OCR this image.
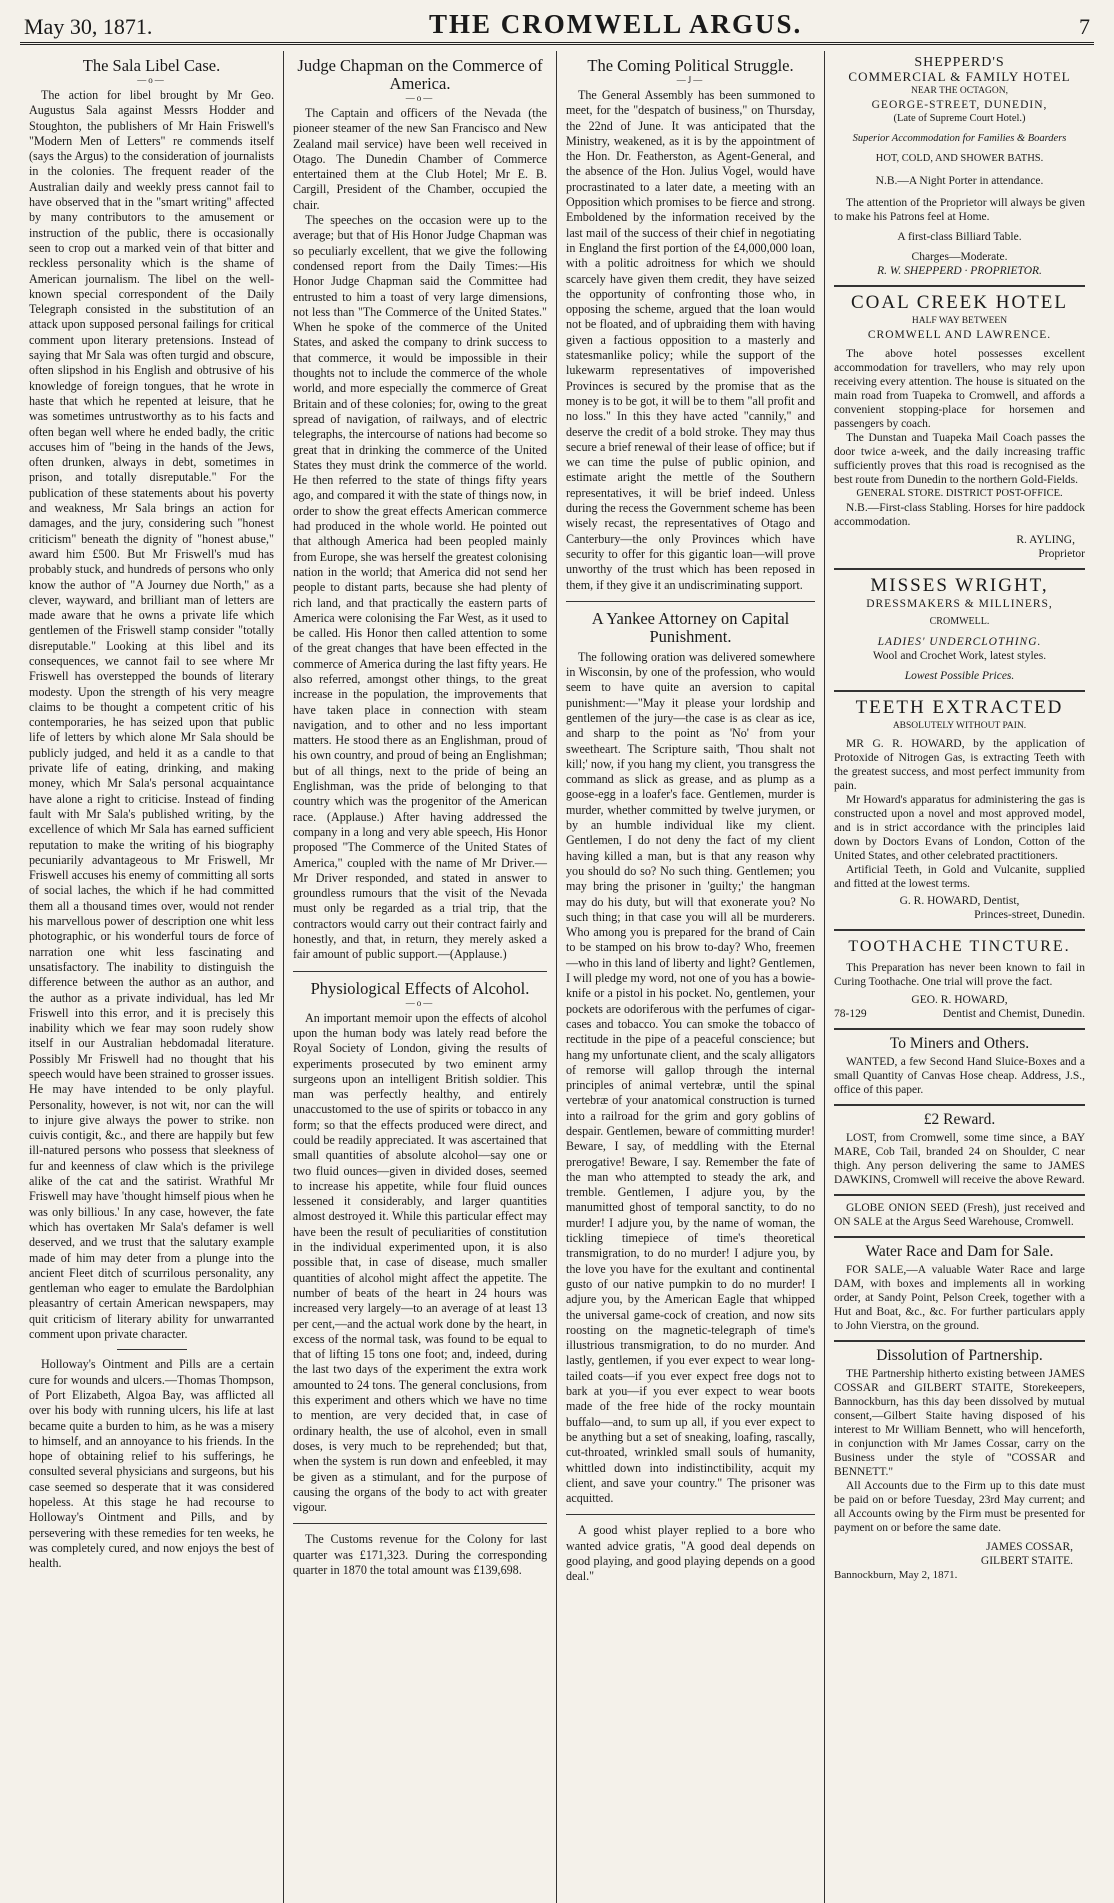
May 30, 1871.	THE CROMWELL ARGUS.	7
The Sala Libel Case.
—o—

The action for libel brought by Mr Geo. Augustus Sala against Messrs Hodder and Stoughton, the publishers of Mr Hain Friswell's "Modern Men of Letters" re commends itself (says the Argus) to the consideration of journalists in the colonies. The frequent reader of the Australian daily and weekly press cannot fail to have observed that in the "smart writing" affected by many contributors to the amusement or instruction of the public, there is occasionally seen to crop out a marked vein of that bitter and reckless personality which is the shame of American journalism. The libel on the well-known special correspondent of the Daily Telegraph consisted in the substitution of an attack upon supposed personal failings for critical comment upon literary pretensions. Instead of saying that Mr Sala was often turgid and obscure, often slipshod in his English and obtrusive of his knowledge of foreign tongues, that he wrote in haste that which he repented at leisure, that he was sometimes untrustworthy as to his facts and often began well where he ended badly, the critic accuses him of "being in the hands of the Jews, often drunken, always in debt, sometimes in prison, and totally disreputable." For the publication of these statements about his poverty and weakness, Mr Sala brings an action for damages, and the jury, considering such "honest criticism" beneath the dignity of "honest abuse," award him £500. But Mr Friswell's mud has probably stuck, and hundreds of persons who only know the author of "A Journey due North," as a clever, wayward, and brilliant man of letters are made aware that he owns a private life which gentlemen of the Friswell stamp consider "totally disreputable." Looking at this libel and its consequences, we cannot fail to see where Mr Friswell has overstepped the bounds of literary modesty. Upon the strength of his very meagre claims to be thought a competent critic of his contemporaries, he has seized upon that public life of letters by which alone Mr Sala should be publicly judged, and held it as a candle to that private life of eating, drinking, and making money, which Mr Sala's personal acquaintance have alone a right to criticise. Instead of finding fault with Mr Sala's published writing, by the excellence of which Mr Sala has earned sufficient reputation to make the writing of his biography pecuniarily advantageous to Mr Friswell, Mr Friswell accuses his enemy of committing all sorts of social laches, the which if he had committed them all a thousand times over, would not render his marvellous power of description one whit less photographic, or his wonderful tours de force of narration one whit less fascinating and unsatisfactory. The inability to distinguish the difference between the author as an author, and the author as a private individual, has led Mr Friswell into this error, and it is precisely this inability which we fear may soon rudely show itself in our Australian hebdomadal literature. Possibly Mr Friswell had no thought that his speech would have been strained to grosser issues. He may have intended to be only playful. Personality, however, is not wit, nor can the will to injure give always the power to strike. non cuivis contigit, &c., and there are happily but few ill-natured persons who possess that sleekness of fur and keenness of claw which is the privilege alike of the cat and the satirist. Wrathful Mr Friswell may have 'thought himself pious when he was only billious.' In any case, however, the fate which has overtaken Mr Sala's defamer is well deserved, and we trust that the salutary example made of him may deter from a plunge into the ancient Fleet ditch of scurrilous personality, any gentleman who eager to emulate the Bardolphian pleasantry of certain American newspapers, may quit criticism of literary ability for unwarranted comment upon private character.

Holloway's Ointment and Pills are a certain cure for wounds and ulcers.—Thomas Thompson, of Port Elizabeth, Algoa Bay, was afflicted all over his body with running ulcers, his life at last became quite a burden to him, as he was a misery to himself, and an annoyance to his friends. In the hope of obtaining relief to his sufferings, he consulted several physicians and surgeons, but his case seemed so desperate that it was considered hopeless. At this stage he had recourse to Holloway's Ointment and Pills, and by persevering with these remedies for ten weeks, he was completely cured, and now enjoys the best of health.

Judge Chapman on the Commerce of America.
—o—

The Captain and officers of the Nevada (the pioneer steamer of the new San Francisco and New Zealand mail service) have been well received in Otago. The Dunedin Chamber of Commerce entertained them at the Club Hotel; Mr E. B. Cargill, President of the Chamber, occupied the chair.

The speeches on the occasion were up to the average; but that of His Honor Judge Chapman was so peculiarly excellent, that we give the following condensed report from the Daily Times:—His Honor Judge Chapman said the Committee had entrusted to him a toast of very large dimensions, not less than "The Commerce of the United States." When he spoke of the commerce of the United States, and asked the company to drink success to that commerce, it would be impossible in their thoughts not to include the commerce of the whole world, and more especially the commerce of Great Britain and of these colonies; for, owing to the great spread of navigation, of railways, and of electric telegraphs, the intercourse of nations had become so great that in drinking the commerce of the United States they must drink the commerce of the world. He then referred to the state of things fifty years ago, and compared it with the state of things now, in order to show the great effects American commerce had produced in the whole world. He pointed out that although America had been peopled mainly from Europe, she was herself the greatest colonising nation in the world; that America did not send her people to distant parts, because she had plenty of rich land, and that practically the eastern parts of America were colonising the Far West, as it used to be called. His Honor then called attention to some of the great changes that have been effected in the commerce of America during the last fifty years. He also referred, amongst other things, to the great increase in the population, the improvements that have taken place in connection with steam navigation, and to other and no less important matters. He stood there as an Englishman, proud of his own country, and proud of being an Englishman; but of all things, next to the pride of being an Englishman, was the pride of belonging to that country which was the progenitor of the American race. (Applause.) After having addressed the company in a long and very able speech, His Honor proposed "The Commerce of the United States of America," coupled with the name of Mr Driver.—Mr Driver responded, and stated in answer to groundless rumours that the visit of the Nevada must only be regarded as a trial trip, that the contractors would carry out their contract fairly and honestly, and that, in return, they merely asked a fair amount of public support.—(Applause.)

Physiological Effects of Alcohol.
—o—

An important memoir upon the effects of alcohol upon the human body was lately read before the Royal Society of London, giving the results of experiments prosecuted by two eminent army surgeons upon an intelligent British soldier. This man was perfectly healthy, and entirely unaccustomed to the use of spirits or tobacco in any form; so that the effects produced were direct, and could be readily appreciated. It was ascertained that small quantities of absolute alcohol—say one or two fluid ounces—given in divided doses, seemed to increase his appetite, while four fluid ounces lessened it considerably, and larger quantities almost destroyed it. While this particular effect may have been the result of peculiarities of constitution in the individual experimented upon, it is also possible that, in case of disease, much smaller quantities of alcohol might affect the appetite. The number of beats of the heart in 24 hours was increased very largely—to an average of at least 13 per cent,—and the actual work done by the heart, in excess of the normal task, was found to be equal to that of lifting 15 tons one foot; and, indeed, during the last two days of the experiment the extra work amounted to 24 tons. The general conclusions, from this experiment and others which we have no time to mention, are very decided that, in case of ordinary health, the use of alcohol, even in small doses, is very much to be reprehended; but that, when the system is run down and enfeebled, it may be given as a stimulant, and for the purpose of causing the organs of the body to act with greater vigour.

The Customs revenue for the Colony for last quarter was £171,323. During the corresponding quarter in 1870 the total amount was £139,698.

The Coming Political Struggle.
—J—

The General Assembly has been summoned to meet, for the "despatch of business," on Thursday, the 22nd of June. It was anticipated that the Ministry, weakened, as it is by the appointment of the Hon. Dr. Featherston, as Agent-General, and the absence of the Hon. Julius Vogel, would have procrastinated to a later date, a meeting with an Opposition which promises to be fierce and strong. Emboldened by the information received by the last mail of the success of their chief in negotiating in England the first portion of the £4,000,000 loan, with a politic adroitness for which we should scarcely have given them credit, they have seized the opportunity of confronting those who, in opposing the scheme, argued that the loan would not be floated, and of upbraiding them with having given a factious opposition to a masterly and statesmanlike policy; while the support of the lukewarm representatives of impoverished Provinces is secured by the promise that as the money is to be got, it will be to them "all profit and no loss." In this they have acted "cannily," and deserve the credit of a bold stroke. They may thus secure a brief renewal of their lease of office; but if we can time the pulse of public opinion, and estimate aright the mettle of the Southern representatives, it will be brief indeed. Unless during the recess the Government scheme has been wisely recast, the representatives of Otago and Canterbury—the only Provinces which have security to offer for this gigantic loan—will prove unworthy of the trust which has been reposed in them, if they give it an undiscriminating support.

A Yankee Attorney on Capital Punishment.

The following oration was delivered somewhere in Wisconsin, by one of the profession, who would seem to have quite an aversion to capital punishment:—"May it please your lordship and gentlemen of the jury—the case is as clear as ice, and sharp to the point as 'No' from your sweetheart. The Scripture saith, 'Thou shalt not kill;' now, if you hang my client, you transgress the command as slick as grease, and as plump as a goose-egg in a loafer's face. Gentlemen, murder is murder, whether committed by twelve jurymen, or by an humble individual like my client. Gentlemen, I do not deny the fact of my client having killed a man, but is that any reason why you should do so? No such thing. Gentlemen; you may bring the prisoner in 'guilty;' the hangman may do his duty, but will that exonerate you? No such thing; in that case you will all be murderers. Who among you is prepared for the brand of Cain to be stamped on his brow to-day? Who, freemen—who in this land of liberty and light? Gentlemen, I will pledge my word, not one of you has a bowie-knife or a pistol in his pocket. No, gentlemen, your pockets are odoriferous with the perfumes of cigar-cases and tobacco. You can smoke the tobacco of rectitude in the pipe of a peaceful conscience; but hang my unfortunate client, and the scaly alligators of remorse will gallop through the internal principles of animal vertebræ, until the spinal vertebræ of your anatomical construction is turned into a railroad for the grim and gory goblins of despair. Gentlemen, beware of committing murder! Beware, I say, of meddling with the Eternal prerogative! Beware, I say. Remember the fate of the man who attempted to steady the ark, and tremble. Gentlemen, I adjure you, by the manumitted ghost of temporal sanctity, to do no murder! I adjure you, by the name of woman, the tickling timepiece of time's theoretical transmigration, to do no murder! I adjure you, by the love you have for the exultant and continental gusto of our native pumpkin to do no murder! I adjure you, by the American Eagle that whipped the universal game-cock of creation, and now sits roosting on the magnetic-telegraph of time's illustrious transmigration, to do no murder. And lastly, gentlemen, if you ever expect to wear long-tailed coats—if you ever expect free dogs not to bark at you—if you ever expect to wear boots made of the free hide of the rocky mountain buffalo—and, to sum up all, if you ever expect to be anything but a set of sneaking, loafing, rascally, cut-throated, wrinkled small souls of humanity, whittled down into indistinctibility, acquit my client, and save your country." The prisoner was acquitted.

A good whist player replied to a bore who wanted advice gratis, "A good deal depends on good playing, and good playing depends on a good deal."

SHEPPERD'S
COMMERCIAL & FAMILY HOTEL
NEAR THE OCTAGON,
GEORGE-STREET, DUNEDIN,
(Late of Supreme Court Hotel.)
Superior Accommodation for Families & Boarders
HOT, COLD, AND SHOWER BATHS.
N.B.—A Night Porter in attendance.

The attention of the Proprietor will always be given to make his Patrons feel at Home.

A first-class Billiard Table.
Charges—Moderate.
R. W. SHEPPERD · PROPRIETOR.
COAL CREEK HOTEL
HALF WAY BETWEEN
CROMWELL AND LAWRENCE.

The above hotel possesses excellent accommodation for travellers, who may rely upon receiving every attention. The house is situated on the main road from Tuapeka to Cromwell, and affords a convenient stopping-place for horsemen and passengers by coach.

The Dunstan and Tuapeka Mail Coach passes the door twice a-week, and the daily increasing traffic sufficiently proves that this road is recognised as the best route from Dunedin to the northern Gold-Fields.

GENERAL STORE. DISTRICT POST-OFFICE.

N.B.—First-class Stabling. Horses for hire paddock accommodation.

R. AYLING,
Proprietor
MISSES WRIGHT,
DRESSMAKERS & MILLINERS,
CROMWELL.
LADIES' UNDERCLOTHING.
Wool and Crochet Work, latest styles.
Lowest Possible Prices.
TEETH EXTRACTED
ABSOLUTELY WITHOUT PAIN.

MR G. R. HOWARD, by the application of Protoxide of Nitrogen Gas, is extracting Teeth with the greatest success, and most perfect immunity from pain.

Mr Howard's apparatus for administering the gas is constructed upon a novel and most approved model, and is in strict accordance with the principles laid down by Doctors Evans of London, Cotton of the United States, and other celebrated practitioners.

Artificial Teeth, in Gold and Vulcanite, supplied and fitted at the lowest terms.

G. R. HOWARD, Dentist,
Princes-street, Dunedin.
TOOTHACHE TINCTURE.

This Preparation has never been known to fail in Curing Toothache. One trial will prove the fact.

GEO. R. HOWARD,
78-129	Dentist and Chemist, Dunedin.
To Miners and Others.

WANTED, a few Second Hand Sluice-Boxes and a small Quantity of Canvas Hose cheap. Address, J.S., office of this paper.

£2 Reward.

LOST, from Cromwell, some time since, a BAY MARE, Cob Tail, branded 24 on Shoulder, C near thigh. Any person delivering the same to JAMES DAWKINS, Cromwell will receive the above Reward.

GLOBE ONION SEED (Fresh), just received and ON SALE at the Argus Seed Warehouse, Cromwell.

Water Race and Dam for Sale.

FOR SALE,—A valuable Water Race and large DAM, with boxes and implements all in working order, at Sandy Point, Pelson Creek, together with a Hut and Boat, &c., &c. For further particulars apply to John Vierstra, on the ground.

Dissolution of Partnership.

THE Partnership hitherto existing between JAMES COSSAR and GILBERT STAITE, Storekeepers, Bannockburn, has this day been dissolved by mutual consent,—Gilbert Staite having disposed of his interest to Mr William Bennett, who will henceforth, in conjunction with Mr James Cossar, carry on the Business under the style of "COSSAR and BENNETT."

All Accounts due to the Firm up to this date must be paid on or before Tuesday, 23rd May current; and all Accounts owing by the Firm must be presented for payment on or before the same date.

JAMES COSSAR,
GILBERT STAITE.
Bannockburn, May 2, 1871.
